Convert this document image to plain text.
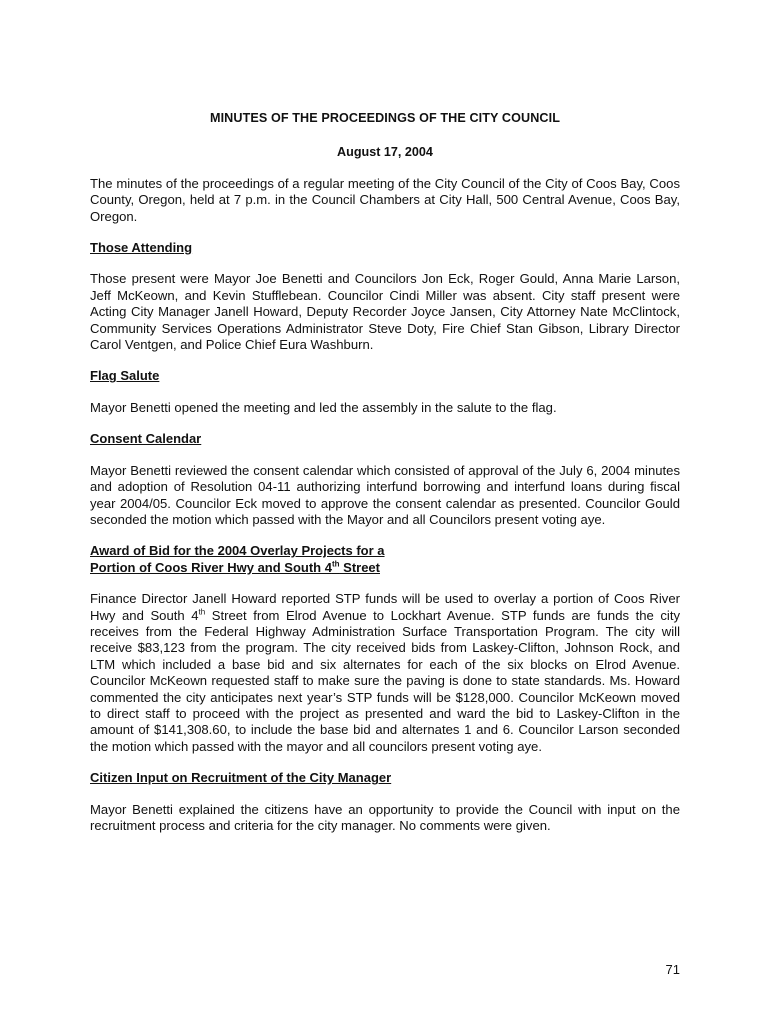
MINUTES OF THE PROCEEDINGS OF THE CITY COUNCIL
August 17, 2004

The minutes of the proceedings of a regular meeting of the City Council of the City of Coos Bay, Coos County, Oregon, held at 7 p.m. in the Council Chambers at City Hall, 500 Central Avenue, Coos Bay, Oregon.

Those Attending

Those present were Mayor Joe Benetti and Councilors Jon Eck, Roger Gould, Anna Marie Larson, Jeff McKeown, and Kevin Stufflebean. Councilor Cindi Miller was absent. City staff present were Acting City Manager Janell Howard, Deputy Recorder Joyce Jansen, City Attorney Nate McClintock, Community Services Operations Administrator Steve Doty, Fire Chief Stan Gibson, Library Director Carol Ventgen, and Police Chief Eura Washburn.

Flag Salute

Mayor Benetti opened the meeting and led the assembly in the salute to the flag.

Consent Calendar

Mayor Benetti reviewed the consent calendar which consisted of approval of the July 6, 2004 minutes and adoption of Resolution 04-11 authorizing interfund borrowing and interfund loans during fiscal year 2004/05. Councilor Eck moved to approve the consent calendar as presented. Councilor Gould seconded the motion which passed with the Mayor and all Councilors present voting aye.

Award of Bid for the 2004 Overlay Projects for a
Portion of Coos River Hwy and South 4th Street

Finance Director Janell Howard reported STP funds will be used to overlay a portion of Coos River Hwy and South 4th Street from Elrod Avenue to Lockhart Avenue. STP funds are funds the city receives from the Federal Highway Administration Surface Transportation Program. The city will receive $83,123 from the program. The city received bids from Laskey-Clifton, Johnson Rock, and LTM which included a base bid and six alternates for each of the six blocks on Elrod Avenue. Councilor McKeown requested staff to make sure the paving is done to state standards. Ms. Howard commented the city anticipates next year’s STP funds will be $128,000. Councilor McKeown moved to direct staff to proceed with the project as presented and ward the bid to Laskey-Clifton in the amount of $141,308.60, to include the base bid and alternates 1 and 6. Councilor Larson seconded the motion which passed with the mayor and all councilors present voting aye.

Citizen Input on Recruitment of the City Manager

Mayor Benetti explained the citizens have an opportunity to provide the Council with input on the recruitment process and criteria for the city manager. No comments were given.

71
